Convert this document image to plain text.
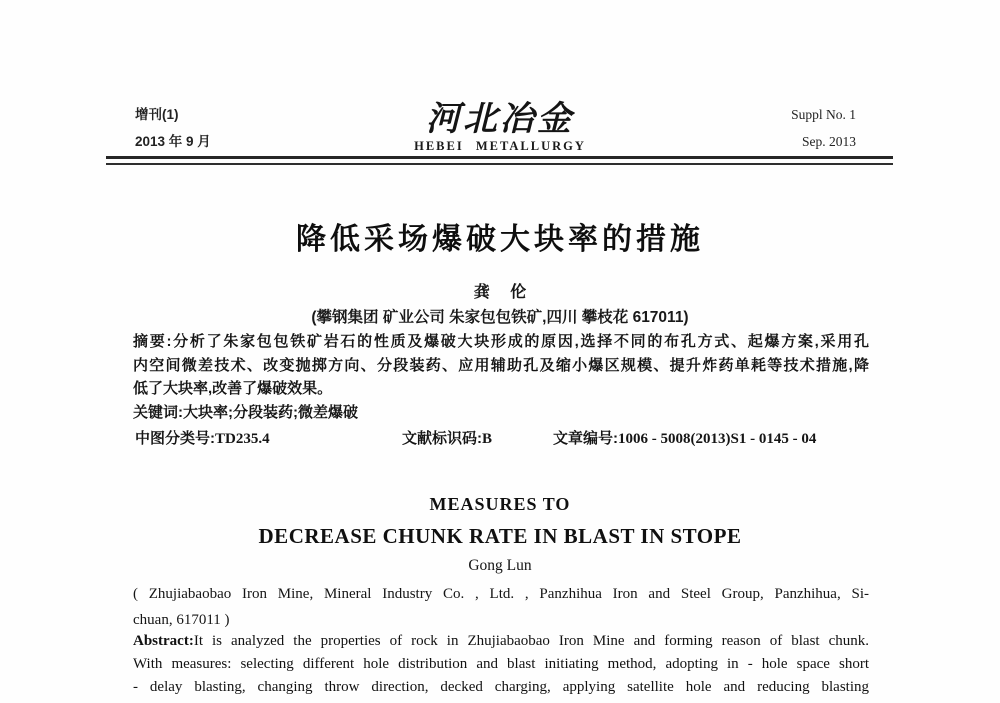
增刊(1)
2013 年 9 月
河北冶金
HEBEI METALLURGY
Suppl No. 1
Sep. 2013
降低采场爆破大块率的措施
龚 伦
(攀钢集团 矿业公司 朱家包包铁矿,四川 攀枝花 617011)
摘要:分析了朱家包包铁矿岩石的性质及爆破大块形成的原因,选择不同的布孔方式、起爆方案,采用孔
内空间微差技术、改变抛掷方向、分段装药、应用辅助孔及缩小爆区规模、提升炸药单耗等技术措施,降
低了大块率,改善了爆破效果。
关键词:大块率;分段装药;微差爆破
中图分类号:TD235.4	文献标识码:B	文章编号:1006 - 5008(2013)S1 - 0145 - 04
MEASURES TO
DECREASE CHUNK RATE IN BLAST IN STOPE
Gong Lun
( Zhujiabaobao Iron Mine, Mineral Industry Co. , Ltd. , Panzhihua Iron and Steel Group, Panzhihua, Si-
chuan, 617011 )
Abstract:It is analyzed the properties of rock in Zhujiabaobao Iron Mine and forming reason of blast chunk.
With measures: selecting different hole distribution and blast initiating method, adopting in - hole space short
- delay blasting, changing throw direction, decked charging, applying satellite hole and reducing blasting
